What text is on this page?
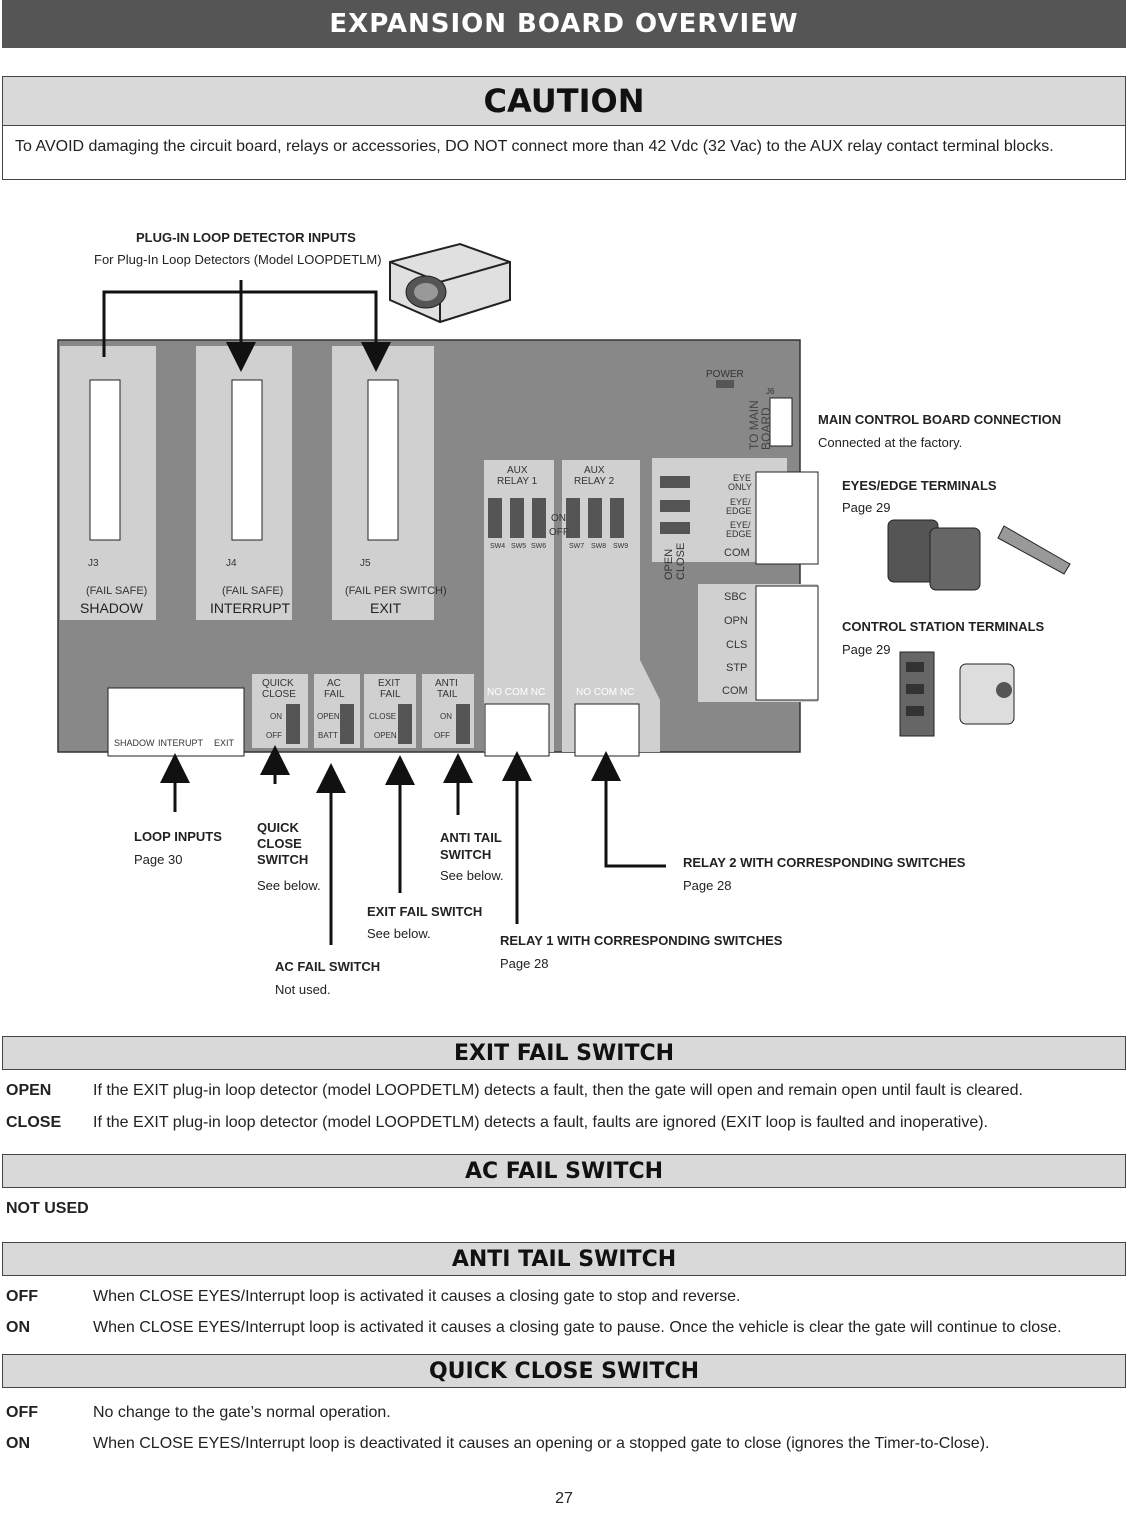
EXPANSION BOARD OVERVIEW
CAUTION
To AVOID damaging the circuit board, relays or accessories, DO NOT connect more than 42 Vdc (32 Vac) to the AUX relay contact terminal blocks.
J3	J4	J5
(FAIL SAFE)	(FAIL SAFE)	(FAIL PER SWITCH)
SHADOW	INTERRUPT	EXIT
AUX
RELAY 1
AUX
RELAY 2
ON
OFF
SW4 SW5 SW6	SW7 SW8 SW9
NO COM NC	NO COM NC
POWER
J6
TO MAIN
BOARD
EYE
ONLY
EYE/
EDGE
EYE/
EDGE
COM
OPEN CLOSE
SBC
OPN
CLS
STP
COM
SHADOW INTERUPT EXIT
QUICK
CLOSE
AC
FAIL
EXIT
FAIL
ANTI
TAIL
ON
OFF
OPEN
BATT
CLOSE
OPEN
ON
OFF
PLUG-IN LOOP DETECTOR INPUTS
For Plug-In Loop Detectors (Model LOOPDETLM)
MAIN CONTROL BOARD CONNECTION
Connected at the factory.
EYES/EDGE TERMINALS
Page 29
CONTROL STATION TERMINALS
Page 29
LOOP INPUTS
Page 30
QUICK
CLOSE
SWITCH
See below.
ANTI TAIL
SWITCH
See below.
RELAY 2 WITH CORRESPONDING SWITCHES
Page 28
EXIT FAIL SWITCH
See below.	RELAY 1 WITH CORRESPONDING SWITCHES
Page 28
AC FAIL SWITCH
Not used.
EXIT FAIL SWITCH
OPEN	If the EXIT plug-in loop detector (model LOOPDETLM) detects a fault, then the gate will open and remain open until fault is cleared.
CLOSE If the EXIT plug-in loop detector (model LOOPDETLM) detects a fault, faults are ignored (EXIT loop is faulted and inoperative).
AC FAIL SWITCH
NOT USED
ANTI TAIL SWITCH
OFF	When CLOSE EYES/Interrupt loop is activated it causes a closing gate to stop and reverse.
ON	When CLOSE EYES/Interrupt loop is activated it causes a closing gate to pause. Once the vehicle is clear the gate will continue to close.
QUICK CLOSE SWITCH
OFF	No change to the gate’s normal operation.
ON	When CLOSE EYES/Interrupt loop is deactivated it causes an opening or a stopped gate to close (ignores the Timer-to-Close).
27
